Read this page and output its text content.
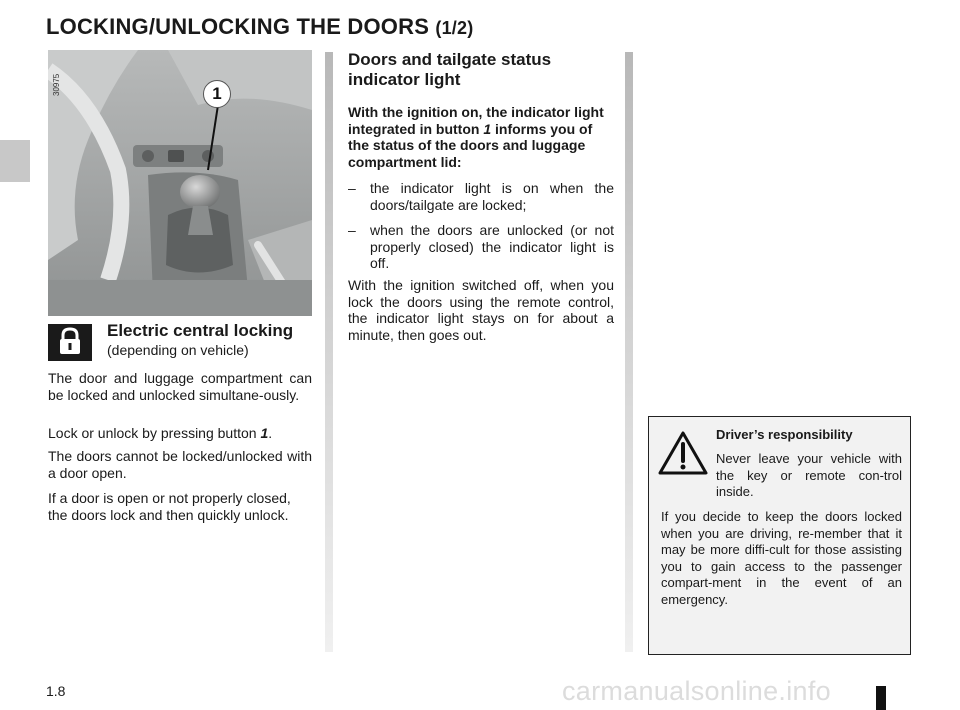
LOCKING/UNLOCKING THE DOORS (1/2)
30975	1
Electric central locking
(depending on vehicle)
The door and luggage compartment can be locked and unlocked simultane-ously.
Lock or unlock by pressing button 1.
The doors cannot be locked/unlocked with a door open.
If a door is open or not properly closed, the doors lock and then quickly unlock.
Doors and tailgate status indicator light
With the ignition on, the indicator light integrated in button 1 informs you of the status of the doors and luggage compartment lid:
– the indicator light is on when the doors/tailgate are locked;
– when the doors are unlocked (or not properly closed) the indicator light is off.
With the ignition switched off, when you lock the doors using the remote control, the indicator light stays on for about a minute, then goes out.
Driver’s responsibility
Never leave your vehicle with the key or remote con-trol inside.
If you decide to keep the doors locked when you are driving, re-member that it may be more diffi-cult for those assisting you to gain access to the passenger compart-ment in the event of an emergency.
1.8	carmanualsonline.info
